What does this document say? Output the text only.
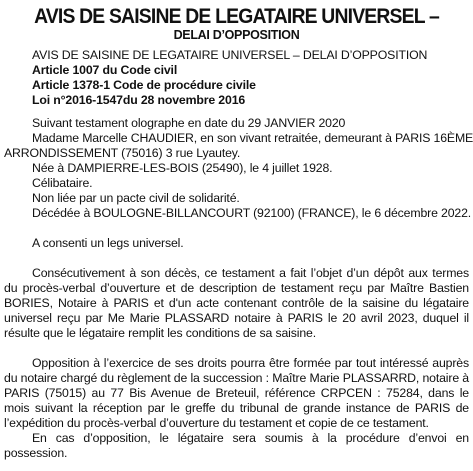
AVIS DE SAISINE DE LEGATAIRE UNIVERSEL –
DELAI D’OPPOSITION
AVIS DE SAISINE DE LEGATAIRE UNIVERSEL – DELAI D’OPPOSITION
Article 1007 du Code civil
Article 1378-1 Code de procédure civile
Loi n°2016-1547du 28 novembre 2016
Suivant testament olographe en date du 29 JANVIER 2020
Madame Marcelle CHAUDIER, en son vivant retraitée, demeurant à PARIS 16ÈME
ARRONDISSEMENT (75016) 3 rue Lyautey.
Née à DAMPIERRE-LES-BOIS (25490), le 4 juillet 1928.
Célibataire.
Non liée par un pacte civil de solidarité.
Décédée à BOULOGNE-BILLANCOURT (92100) (FRANCE), le 6 décembre 2022.
A consenti un legs universel.

Consécutivement à son décès, ce testament a fait l’objet d’un dépôt aux termes du procès-verbal d’ouverture et de description de testament reçu par Maître Bastien BORIES, Notaire à PARIS et d'un acte contenant contrôle de la saisine du légataire universel reçu par Me Marie PLASSARD notaire à PARIS le 20 avril 2023, duquel il résulte que le légataire remplit les conditions de sa saisine.

Opposition à l’exercice de ses droits pourra être formée par tout intéressé auprès du notaire chargé du règlement de la succession : Maître Marie PLASSARRD, notaire à PARIS (75015) au 77 Bis Avenue de Breteuil, référence CRPCEN : 75284, dans le mois suivant la réception par le greffe du tribunal de grande instance de PARIS de l’expédition du procès-verbal d’ouverture du testament et copie de ce testament.

En cas d’opposition, le légataire sera soumis à la procédure d’envoi en possession.
